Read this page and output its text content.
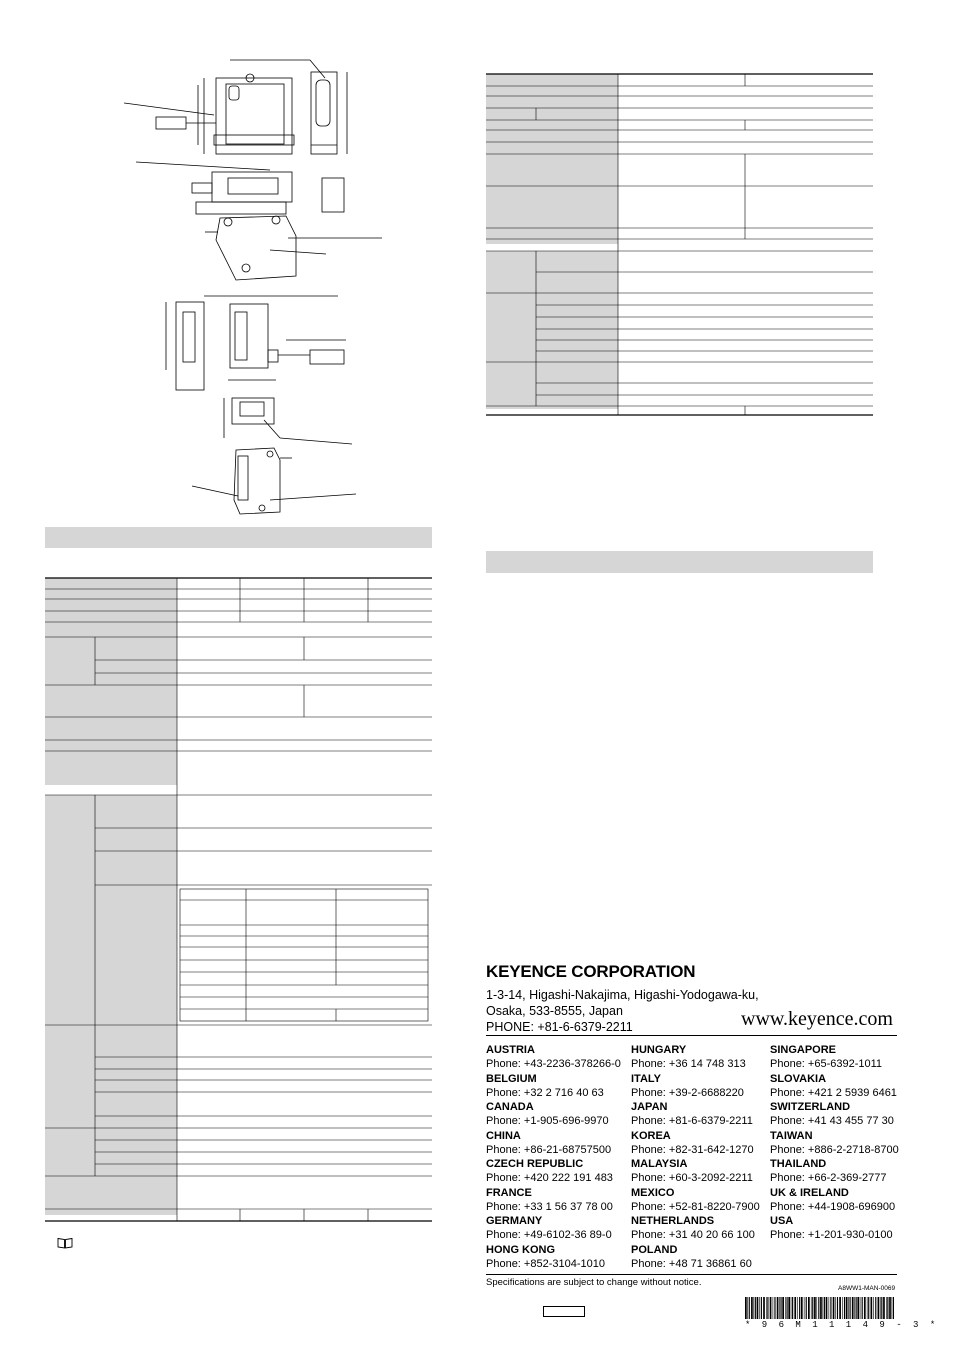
KEYENCE CORPORATION
1-3-14, Higashi-Nakajima, Higashi-Yodogawa-ku,
Osaka, 533-8555, Japan
PHONE: +81-6-6379-2211	www.keyence.com
AUSTRIA
Phone: +43-2236-378266-0
BELGIUM
Phone: +32 2 716 40 63
CANADA
Phone: +1-905-696-9970
CHINA
Phone: +86-21-68757500
CZECH REPUBLIC
Phone: +420 222 191 483
FRANCE
Phone: +33 1 56 37 78 00
GERMANY
Phone: +49-6102-36 89-0
HONG KONG
Phone: +852-3104-1010
HUNGARY
Phone: +36 14 748 313
ITALY
Phone: +39-2-6688220
JAPAN
Phone: +81-6-6379-2211
KOREA
Phone: +82-31-642-1270
MALAYSIA
Phone: +60-3-2092-2211
MEXICO
Phone: +52-81-8220-7900
NETHERLANDS
Phone: +31 40 20 66 100
POLAND
Phone: +48 71 36861 60
SINGAPORE
Phone: +65-6392-1011
SLOVAKIA
Phone: +421 2 5939 6461
SWITZERLAND
Phone: +41 43 455 77 30
TAIWAN
Phone: +886-2-2718-8700
THAILAND
Phone: +66-2-369-2777
UK & IRELAND
Phone: +44-1908-696900
USA
Phone: +1-201-930-0100
Specifications are subject to change without notice.
A8WW1-MAN-0069
* 9 6 M 1 1 1 4 9 - 3 *
